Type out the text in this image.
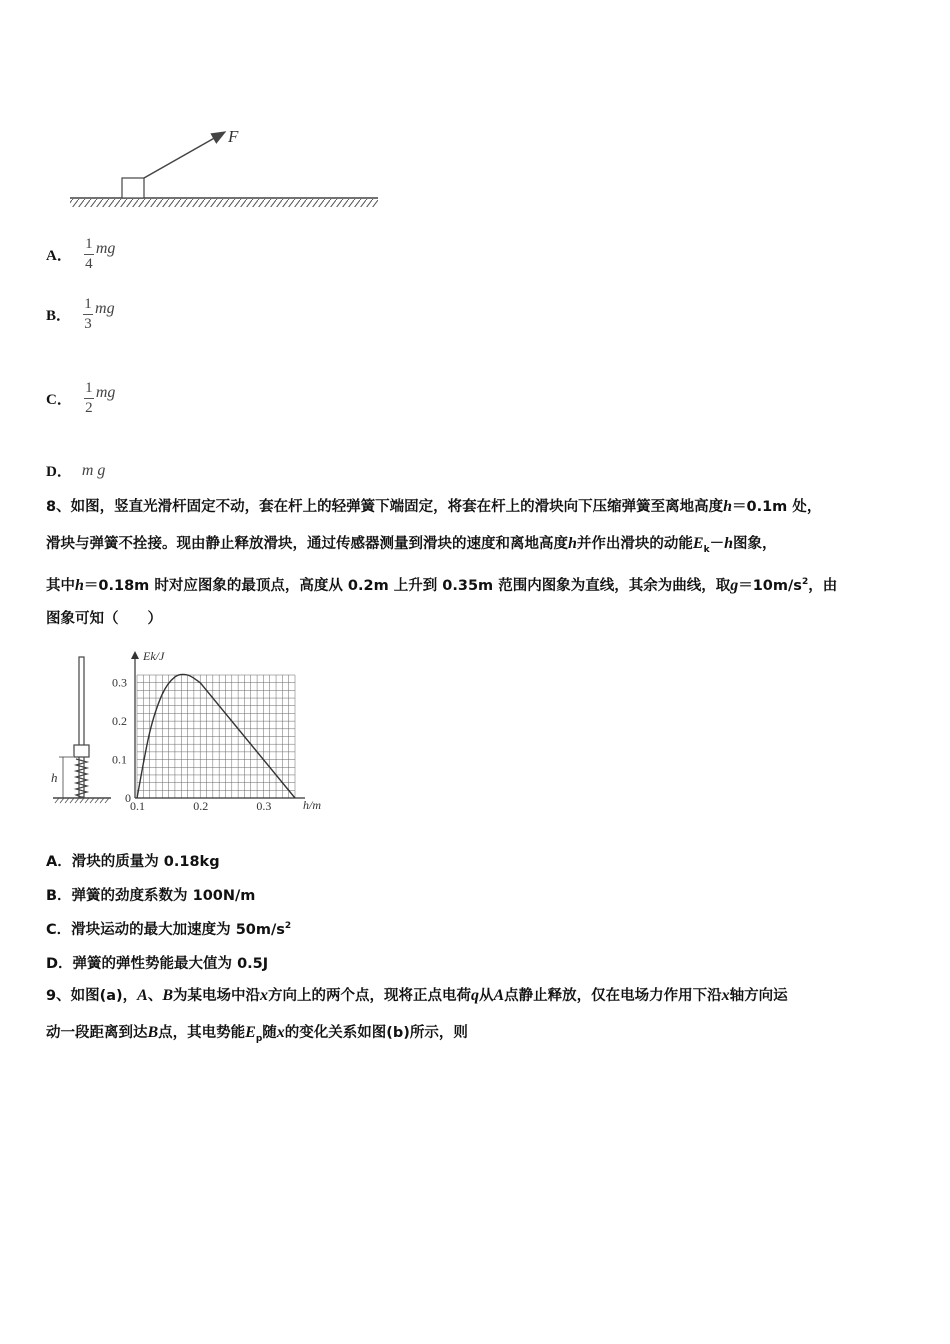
F
A． $\frac{1}{4}$ mg
B． $\frac{1}{3}$ mg
C． $\frac{1}{2}$ mg
D． m g
8、如图，竖直光滑杆固定不动，套在杆上的轻弹簧下端固定，将套在杆上的滑块向下压缩弹簧至离地高度h＝0.1m 处，
滑块与弹簧不拴接。现由静止释放滑块，通过传感器测量到滑块的速度和离地高度h并作出滑块的动能$E_k-h$图象，
其中h＝0.18m 时对应图象的最顶点，高度从 0.2m 上升到 0.35m 范围内图象为直线，其余为曲线，取$g=10m/s^2$，由
图象可知（　　）
h
0.1	0.2	0.3
0
0.1
0.2
0.3
Ek/J
h/m
A．滑块的质量为 0.18kg
B．弹簧的劲度系数为 100N/m
C．滑块运动的最大加速度为 $50m/s^2$
D．弹簧的弹性势能最大值为 0.5J
9、如图(a)，A、B为某电场中沿x方向上的两个点，现将正点电荷q从A点静止释放，仅在电场力作用下沿x轴方向运
动一段距离到达B点，其电势能$E_p$随x的变化关系如图(b)所示，则
